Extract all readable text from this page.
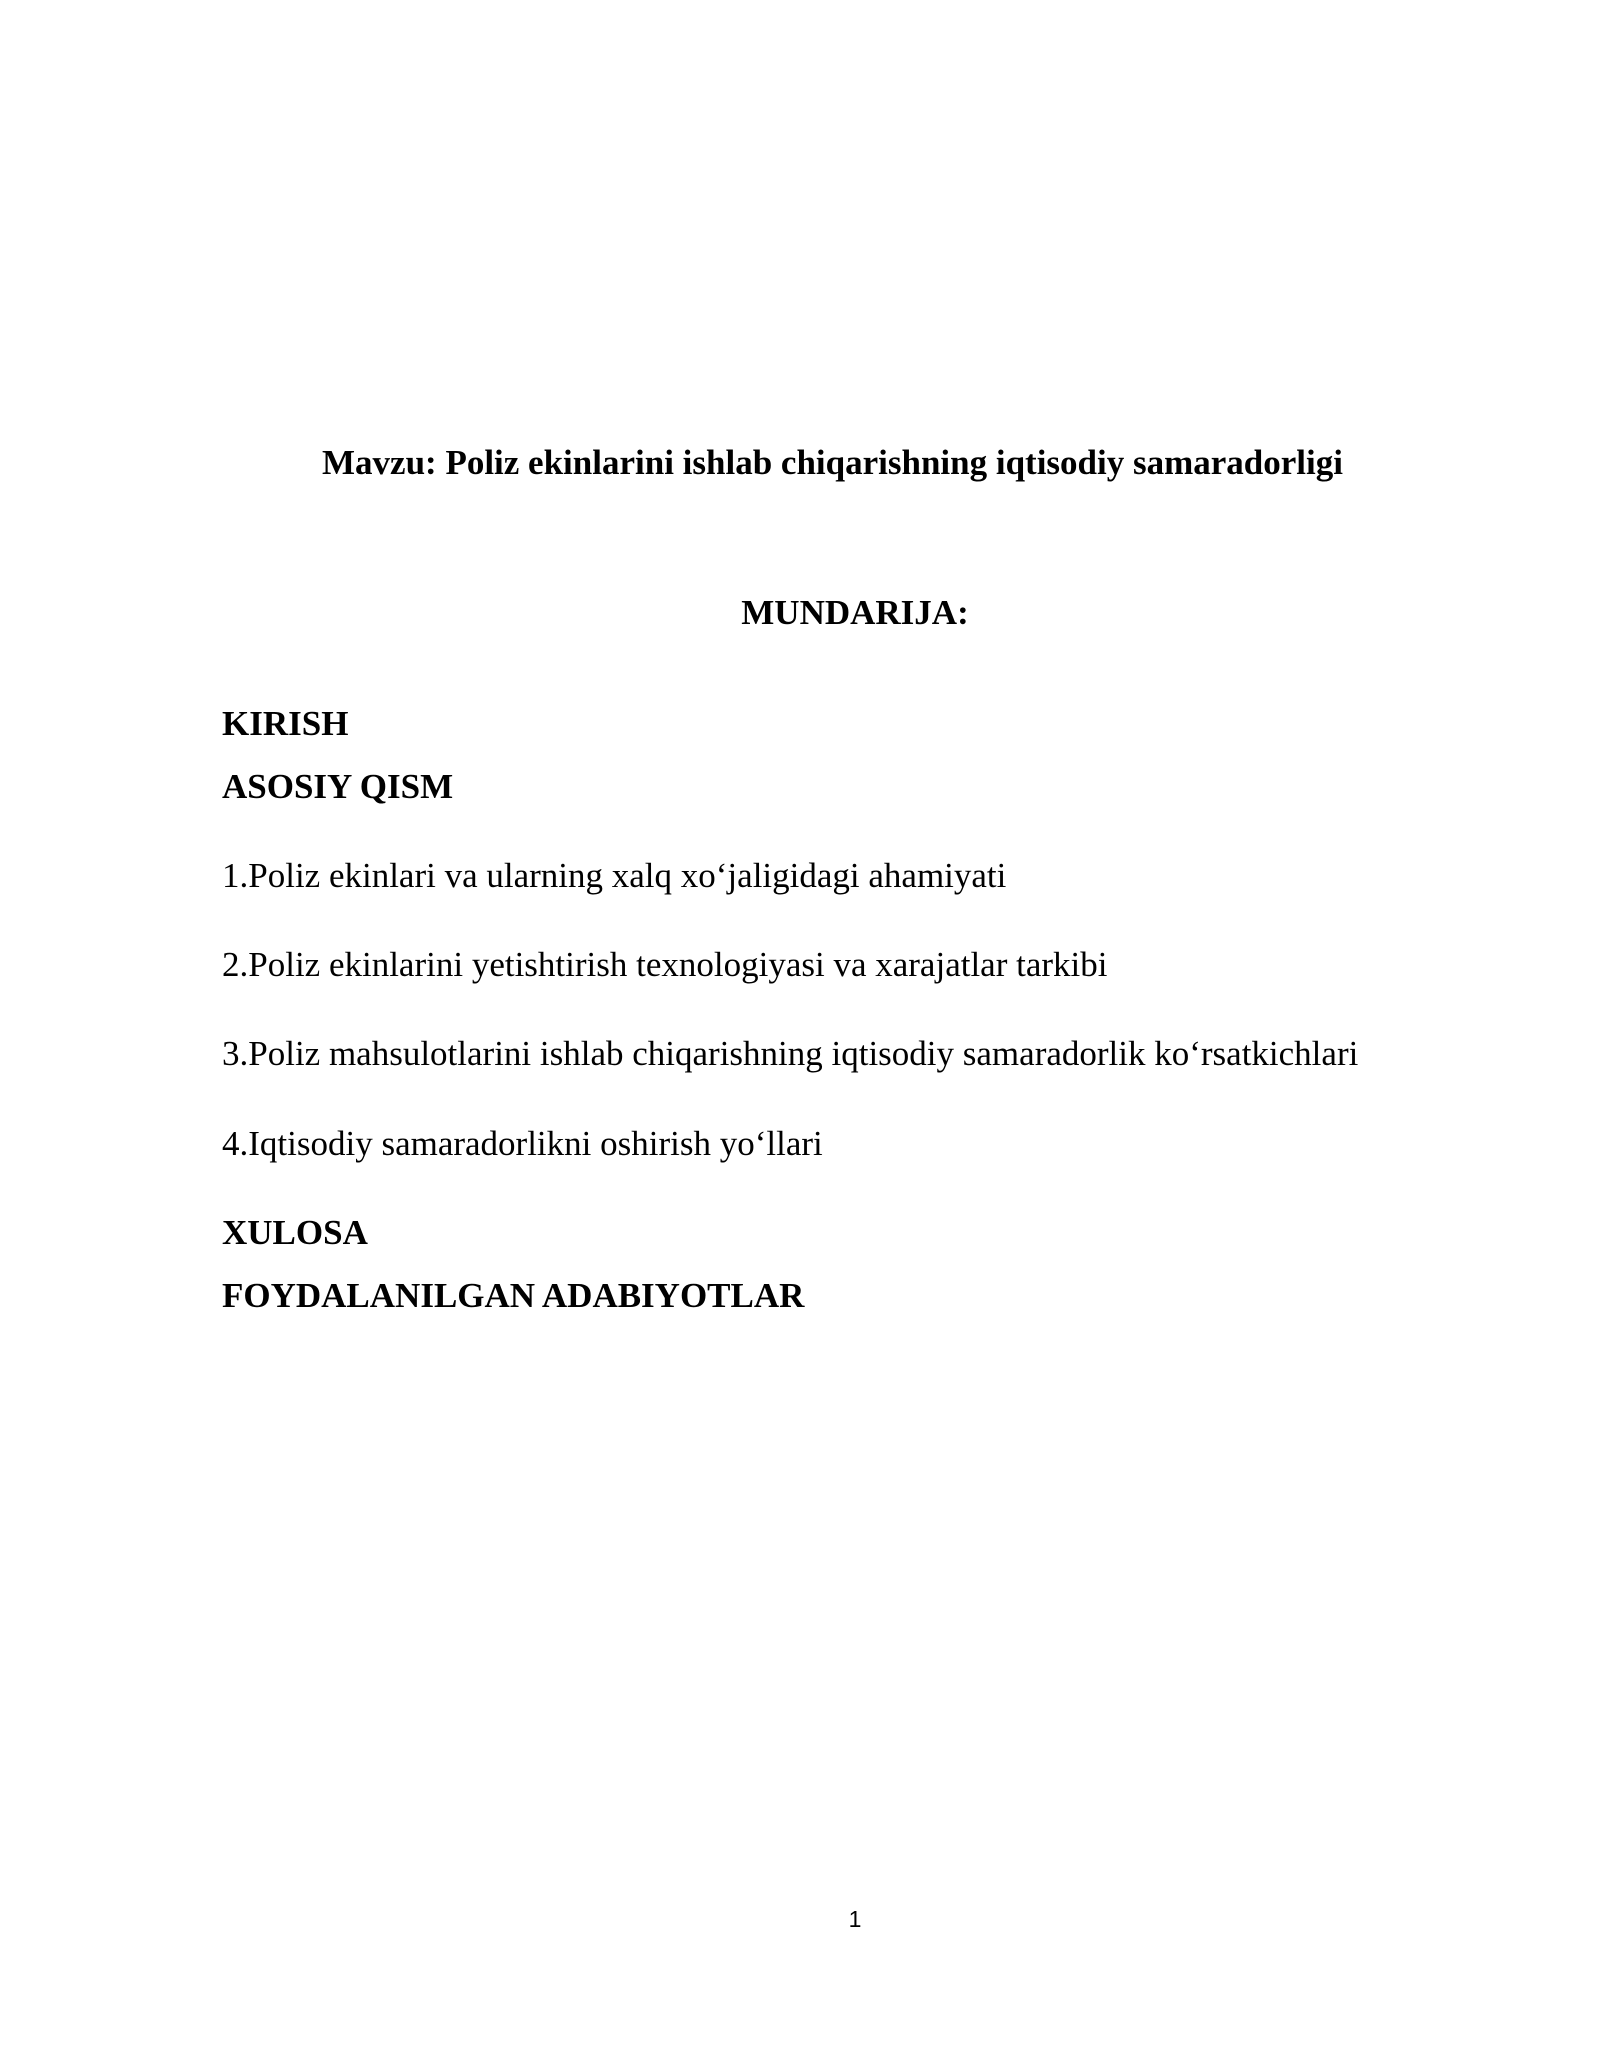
Mavzu: Poliz ekinlarini ishlab chiqarishning iqtisodiy samaradorligi
MUNDARIJA:
KIRISH
ASOSIY QISM
1.Poliz ekinlari va ularning xalq xo‘jaligidagi ahamiyati
2.Poliz ekinlarini yetishtirish texnologiyasi va xarajatlar tarkibi
3.Poliz mahsulotlarini ishlab chiqarishning iqtisodiy samaradorlik ko‘rsatkichlari
4.Iqtisodiy samaradorlikni oshirish yo‘llari
XULOSA
FOYDALANILGAN ADABIYOTLAR
1
